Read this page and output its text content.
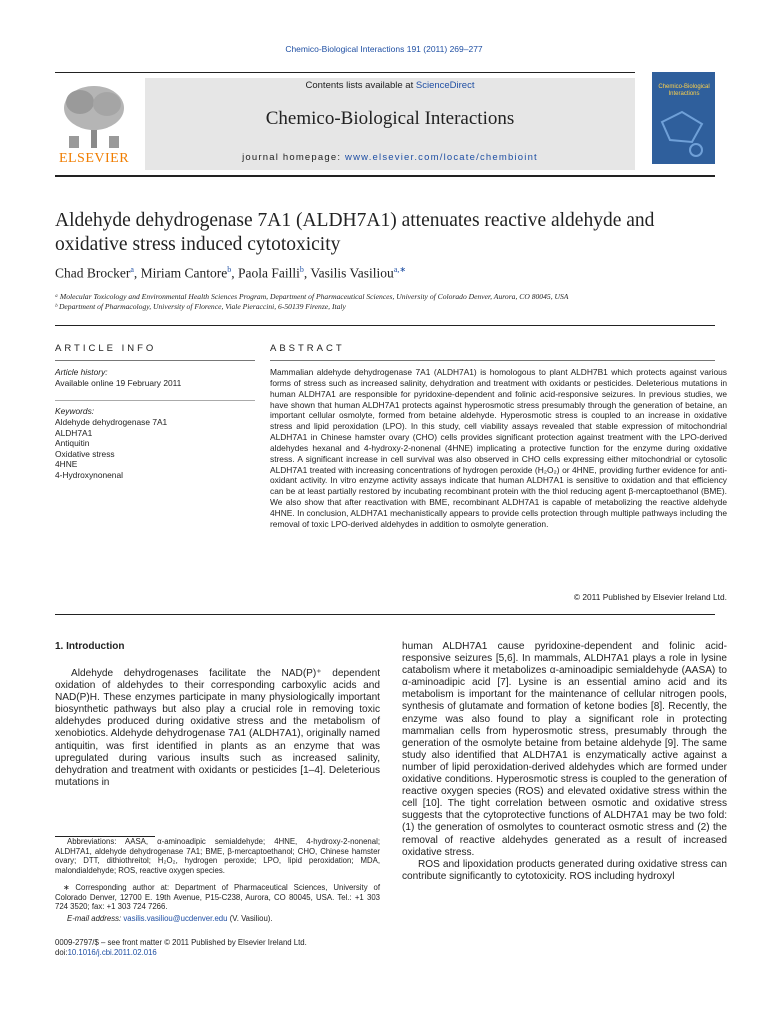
Chemico-Biological Interactions 191 (2011) 269–277
ELSEVIER
Contents lists available at ScienceDirect
Chemico-Biological Interactions
journal homepage: www.elsevier.com/locate/chembioint
Chemico-Biological Interactions
Aldehyde dehydrogenase 7A1 (ALDH7A1) attenuates reactive aldehyde and oxidative stress induced cytotoxicity
Chad Brocker$^a$, Miriam Cantore$^b$, Paola Failli$^b$, Vasilis Vasiliou$^{a,∗}$
ᵃ Molecular Toxicology and Environmental Health Sciences Program, Department of Pharmaceutical Sciences, University of Colorado Denver, Aurora, CO 80045, USA
ᵇ Department of Pharmacology, University of Florence, Viale Pieraccini, 6-50139 Firenze, Italy
ARTICLE INFO	ABSTRACT
Article history:
Available online 19 February 2011
Keywords:
Aldehyde dehydrogenase 7A1
ALDH7A1
Antiquitin
Oxidative stress
4HNE
4-Hydroxynonenal
Mammalian aldehyde dehydrogenase 7A1 (ALDH7A1) is homologous to plant ALDH7B1 which protects against various forms of stress such as increased salinity, dehydration and treatment with oxidants or pesticides. Deleterious mutations in human ALDH7A1 are responsible for pyridoxine-dependent and folinic acid-responsive seizures. In previous studies, we have shown that human ALDH7A1 protects against hyperosmotic stress presumably through the generation of betaine, an important cellular osmolyte, formed from betaine aldehyde. Hyperosmotic stress is coupled to an increase in oxidative stress and lipid peroxidation (LPO). In this study, cell viability assays revealed that stable expression of mitochondrial ALDH7A1 in Chinese hamster ovary (CHO) cells provides significant protection against treatment with the LPO-derived aldehydes hexanal and 4-hydroxy-2-nonenal (4HNE) implicating a protective function for the enzyme during oxidative stress. A significant increase in cell survival was also observed in CHO cells expressing either mitochondrial or cytosolic ALDH7A1 treated with increasing concentrations of hydrogen peroxide (H₂O₂) or 4HNE, providing further evidence for anti-oxidant activity. In vitro enzyme activity assays indicate that human ALDH7A1 is sensitive to oxidation and that efficiency can be at least partially restored by incubating recombinant protein with the thiol reducing agent β-mercaptoethanol (BME). We also show that after reactivation with BME, recombinant ALDH7A1 is capable of metabolizing the reactive aldehyde 4HNE. In conclusion, ALDH7A1 mechanistically appears to provide cells protection through multiple pathways including the removal of toxic LPO-derived aldehydes in addition to osmolyte generation.
© 2011 Published by Elsevier Ireland Ltd.
1. Introduction
Aldehyde dehydrogenases facilitate the NAD(P)⁺ dependent oxidation of aldehydes to their corresponding carboxylic acids and NAD(P)H. These enzymes participate in many physiologically important biosynthetic pathways but also play a crucial role in removing toxic aldehydes produced during oxidative stress and the metabolism of xenobiotics. Aldehyde dehydrogenase 7A1 (ALDH7A1), originally named antiquitin, was first identified in plants as an enzyme that was upregulated during various insults such as increased salinity, dehydration and treatment with oxidants or pesticides [1–4]. Deleterious mutations in

human ALDH7A1 cause pyridoxine-dependent and folinic acid-responsive seizures [5,6]. In mammals, ALDH7A1 plays a role in lysine catabolism where it metabolizes α-aminoadipic semialdehyde (AASA) to α-aminoadipic acid [7]. Lysine is an essential amino acid and its metabolism is important for the maintenance of cellular nitrogen pools, synthesis of glutamate and formation of ketone bodies [8]. Recently, the enzyme was also found to play a significant role in protecting mammalian cells from hyperosmotic stress, presumably through the generation of the osmolyte betaine from betaine aldehyde [9]. The same study also identified that ALDH7A1 is enzymatically active against a number of lipid peroxidation-derived aldehydes which are formed under oxidative conditions. Hyperosmotic stress is coupled to the generation of reactive oxygen species (ROS) and elevated oxidative stress within the cell [10]. The tight correlation between osmotic and oxidative stress suggests that the cytoprotective functions of ALDH7A1 may be two fold: (1) the generation of osmolytes to counteract osmotic stress and (2) the removal of reactive aldehydes generated as a result of increased oxidative stress.

ROS and lipoxidation products generated during oxidative stress can contribute significantly to cytotoxicity. ROS including hydroxyl

Abbreviations: AASA, α-aminoadipic semialdehyde; 4HNE, 4-hydroxy-2-nonenal; ALDH7A1, aldehyde dehydrogenase 7A1; BME, β-mercaptoethanol; CHO, Chinese hamster ovary; DTT, dithiothreitol; H₂O₂, hydrogen peroxide; LPO, lipid peroxidation; MDA, malondialdehyde; ROS, reactive oxygen species.
∗ Corresponding author at: Department of Pharmaceutical Sciences, University of Colorado Denver, 12700 E. 19th Avenue, P15-C238, Aurora, CO 80045, USA. Tel.: +1 303 724 3520; fax: +1 303 724 7266.
E-mail address: vasilis.vasiliou@ucdenver.edu (V. Vasiliou).
0009-2797/$ – see front matter © 2011 Published by Elsevier Ireland Ltd.
doi:10.1016/j.cbi.2011.02.016
